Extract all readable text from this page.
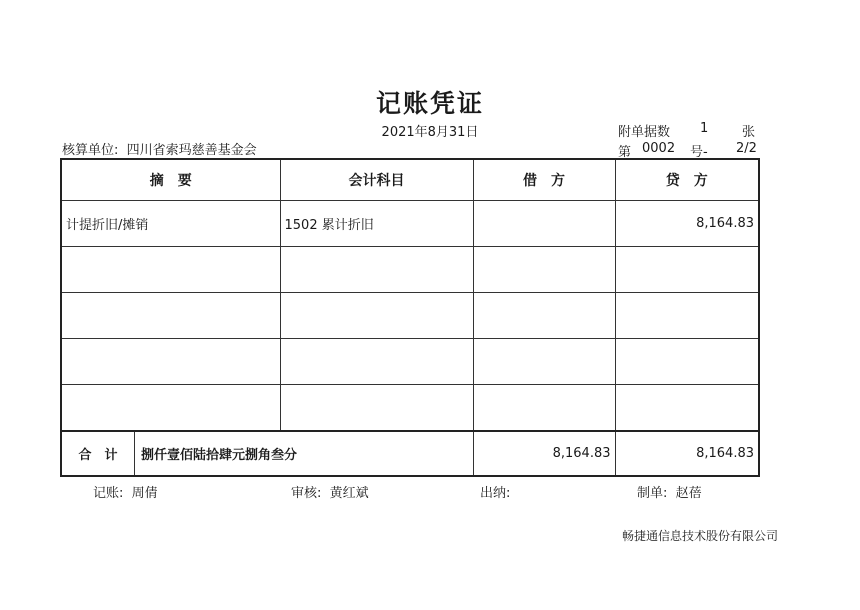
记账凭证
2021年8月31日
核算单位: 四川省索玛慈善基金会
附单据数 1	张
第 0002 号- 2/2
摘　要	会计科目	借　方	贷　方
计提折旧/摊销	1502 累计折旧		8,164.83

合　计 捌仟壹佰陆拾肆元捌角叁分		8,164.83	8,164.83
记账: 周倩	审核: 黄红斌	出纳:	制单: 赵蓓
畅捷通信息技术股份有限公司
